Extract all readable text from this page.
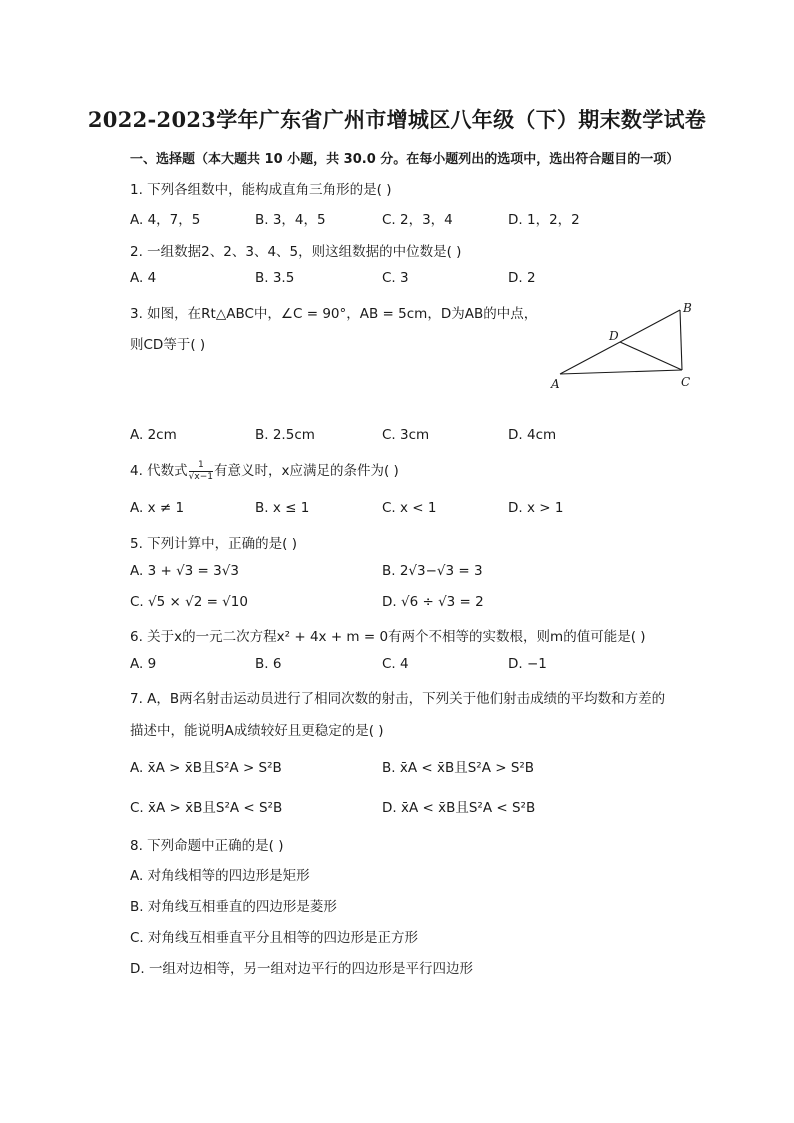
2022-2023学年广东省广州市增城区八年级（下）期末数学试卷
一、选择题（本大题共 10 小题，共 30.0 分。在每小题列出的选项中，选出符合题目的一项）
1. 下列各组数中，能构成直角三角形的是( )
A. 4，7，5	B. 3，4，5	C. 2，3，4	D. 1，2，2
2. 一组数据2、2、3、4、5，则这组数据的中位数是( )
A. 4	B. 3.5	C. 3	D. 2
3. 如图，在Rt△ABC中，∠C = 90°，AB = 5cm，D为AB的中点，
则CD等于( )
A
B
C
D
A. 2cm	B. 2.5cm	C. 3cm	D. 4cm
4. 代数式 $\frac{1}{√x-1}$ 有意义时，x应满足的条件为( )
A. x ≠ 1	B. x ≤ 1	C. x < 1	D. x > 1
5. 下列计算中，正确的是( )
A. 3 + √3 = 3√3	B. 2√3−√3 = 3
C. √5 × √2 = √10	D. √6 ÷ √3 = 2
6. 关于x的一元二次方程x² + 4x + m = 0有两个不相等的实数根，则m的值可能是( )
A. 9	B. 6	C. 4	D. −1
7. A，B两名射击运动员进行了相同次数的射击，下列关于他们射击成绩的平均数和方差的
描述中，能说明A成绩较好且更稳定的是( )
A. x̄A > x̄B且S²A > S²B	B. x̄A < x̄B且S²A > S²B
C. x̄A > x̄B且S²A < S²B	D. x̄A < x̄B且S²A < S²B
8. 下列命题中正确的是( )
A. 对角线相等的四边形是矩形
B. 对角线互相垂直的四边形是菱形
C. 对角线互相垂直平分且相等的四边形是正方形
D. 一组对边相等，另一组对边平行的四边形是平行四边形
